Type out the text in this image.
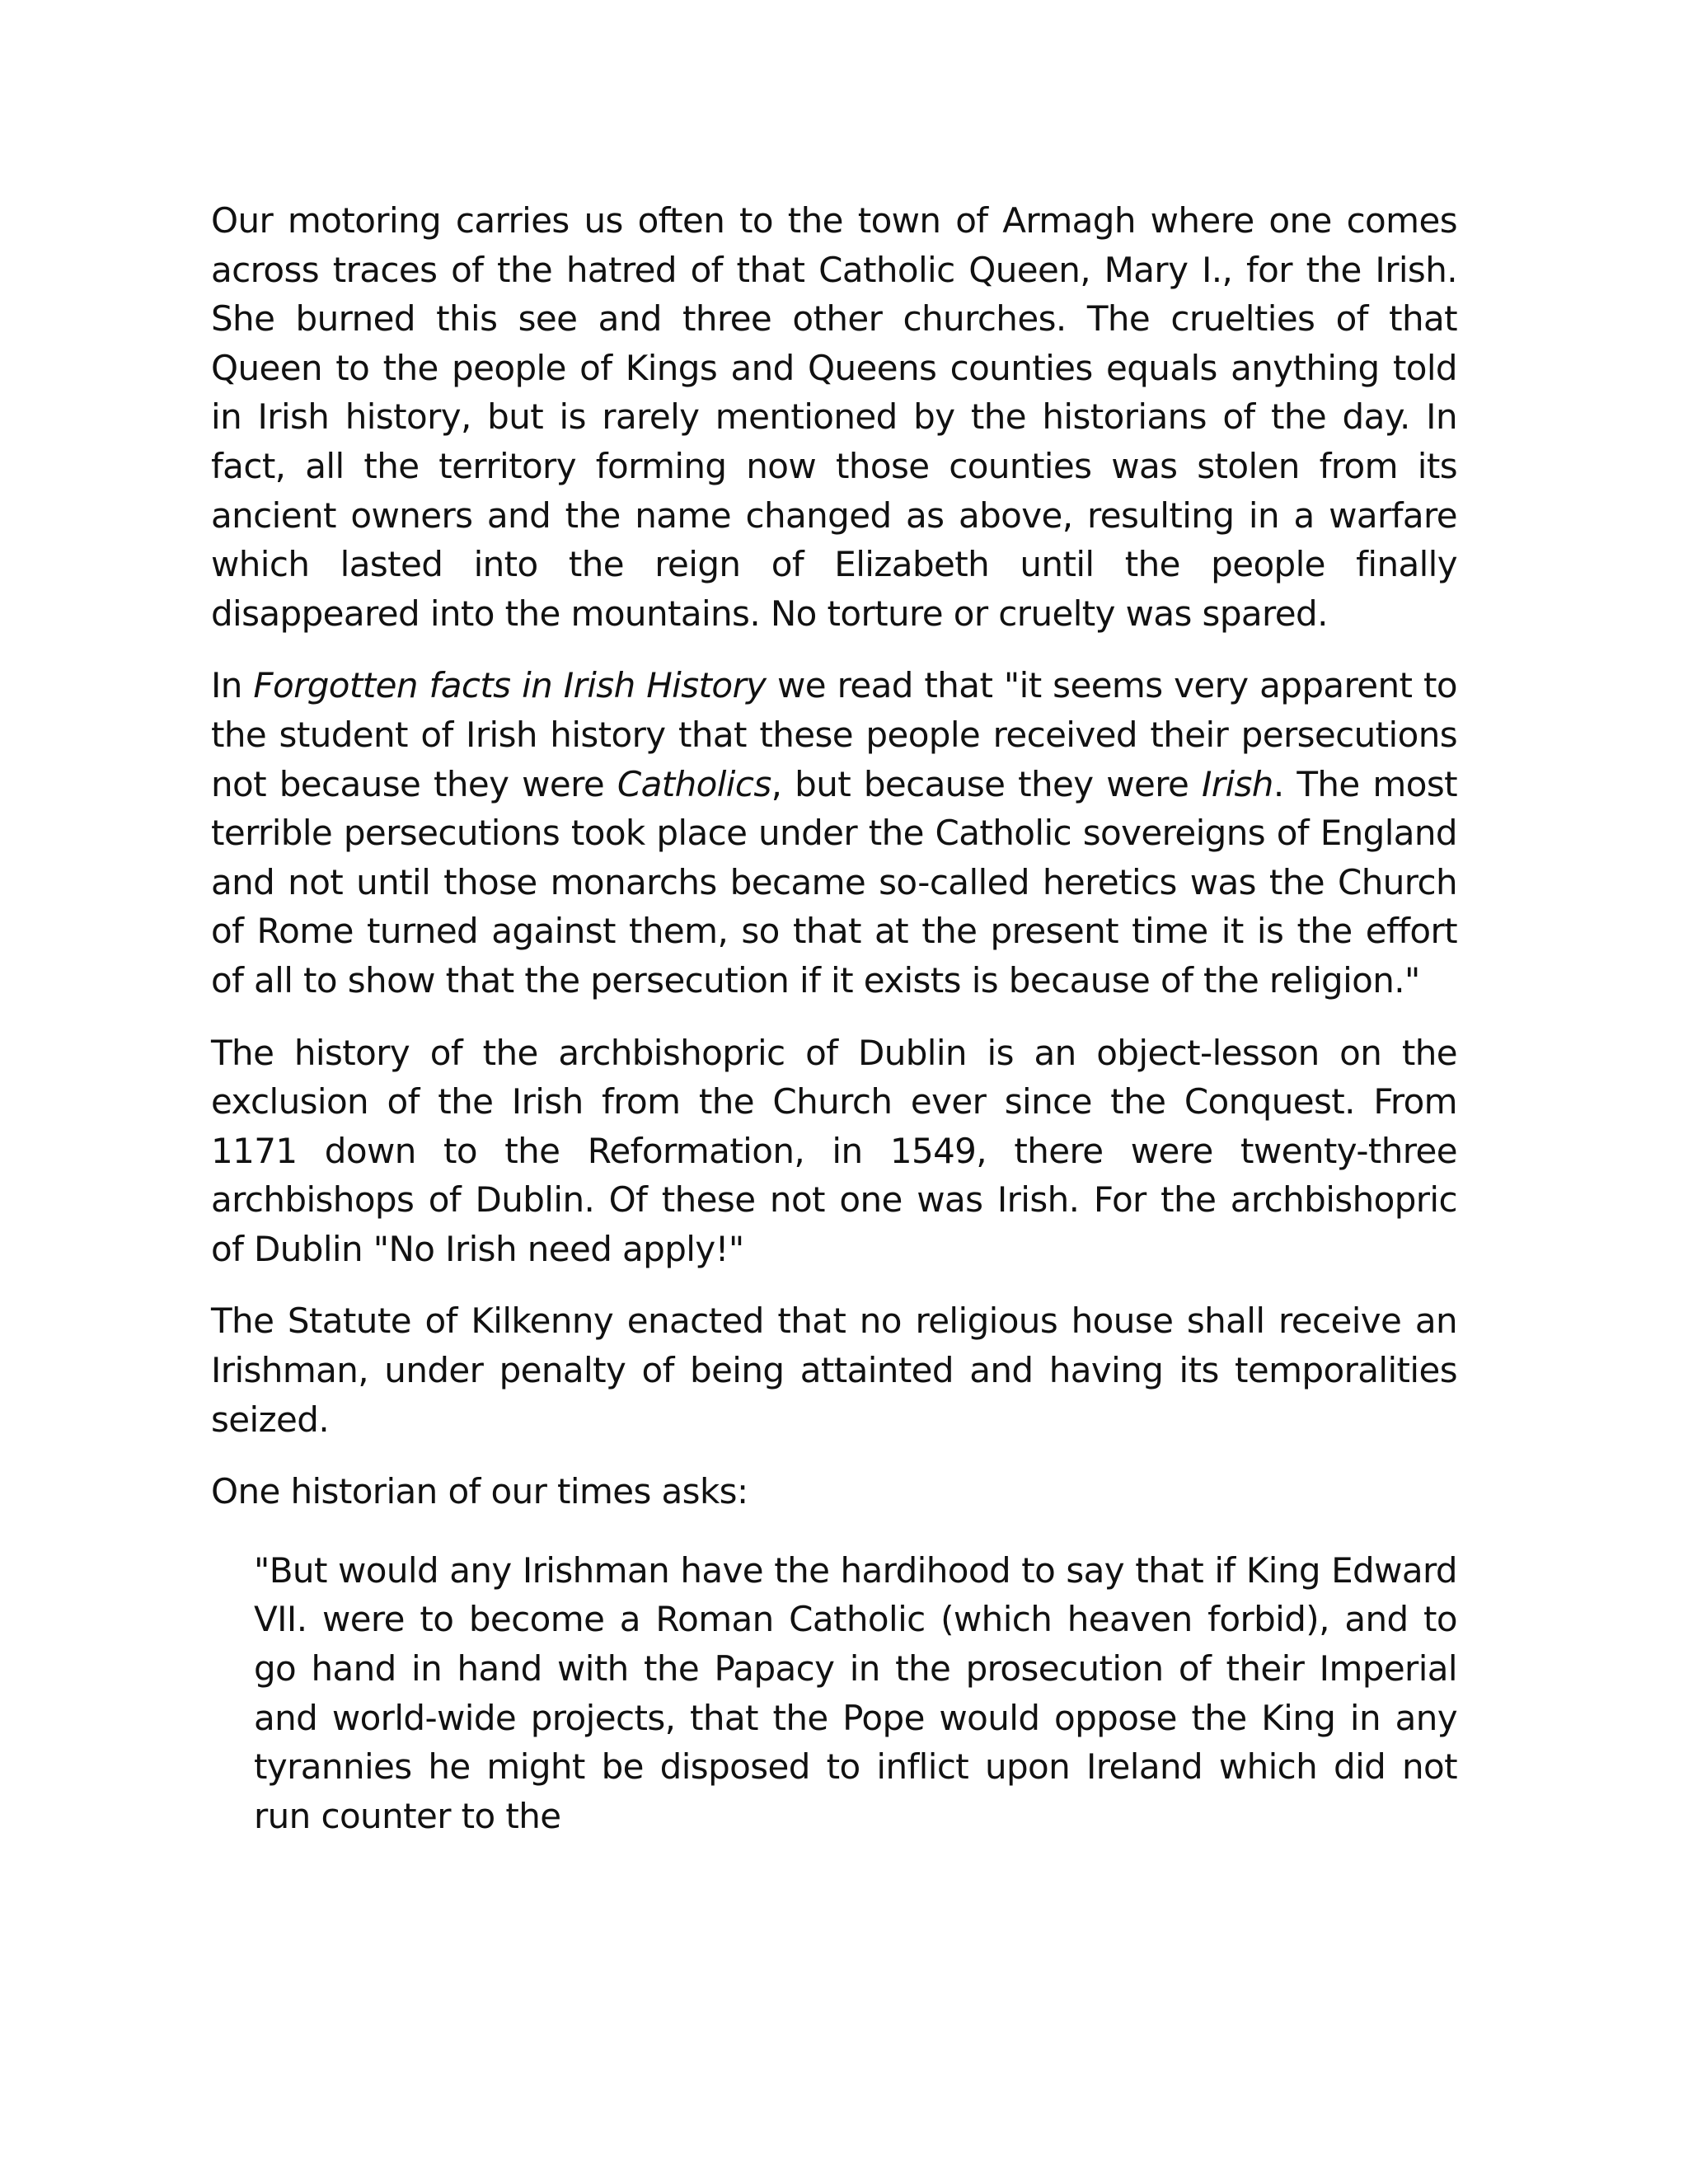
Our motoring carries us often to the town of Armagh where one comes across traces of the hatred of that Catholic Queen, Mary I., for the Irish. She burned this see and three other churches. The cruelties of that Queen to the people of Kings and Queens counties equals anything told in Irish history, but is rarely mentioned by the historians of the day. In fact, all the territory forming now those counties was stolen from its ancient owners and the name changed as above, resulting in a warfare which lasted into the reign of Elizabeth until the people finally disappeared into the mountains. No torture or cruelty was spared.

In Forgotten facts in Irish History we read that "it seems very apparent to the student of Irish history that these people received their persecutions not because they were Catholics, but because they were Irish. The most terrible persecutions took place under the Catholic sovereigns of England and not until those monarchs became so-called heretics was the Church of Rome turned against them, so that at the present time it is the effort of all to show that the persecution if it exists is because of the religion."

The history of the archbishopric of Dublin is an object-lesson on the exclusion of the Irish from the Church ever since the Conquest. From 1171 down to the Reformation, in 1549, there were twenty-three archbishops of Dublin. Of these not one was Irish. For the archbishopric of Dublin "No Irish need apply!"

The Statute of Kilkenny enacted that no religious house shall receive an Irishman, under penalty of being attainted and having its temporalities seized.

One historian of our times asks:

"But would any Irishman have the hardihood to say that if King Edward VII. were to become a Roman Catholic (which heaven forbid), and to go hand in hand with the Papacy in the prosecution of their Imperial and world-wide projects, that the Pope would oppose the King in any tyrannies he might be disposed to inflict upon Ireland which did not run counter to the
